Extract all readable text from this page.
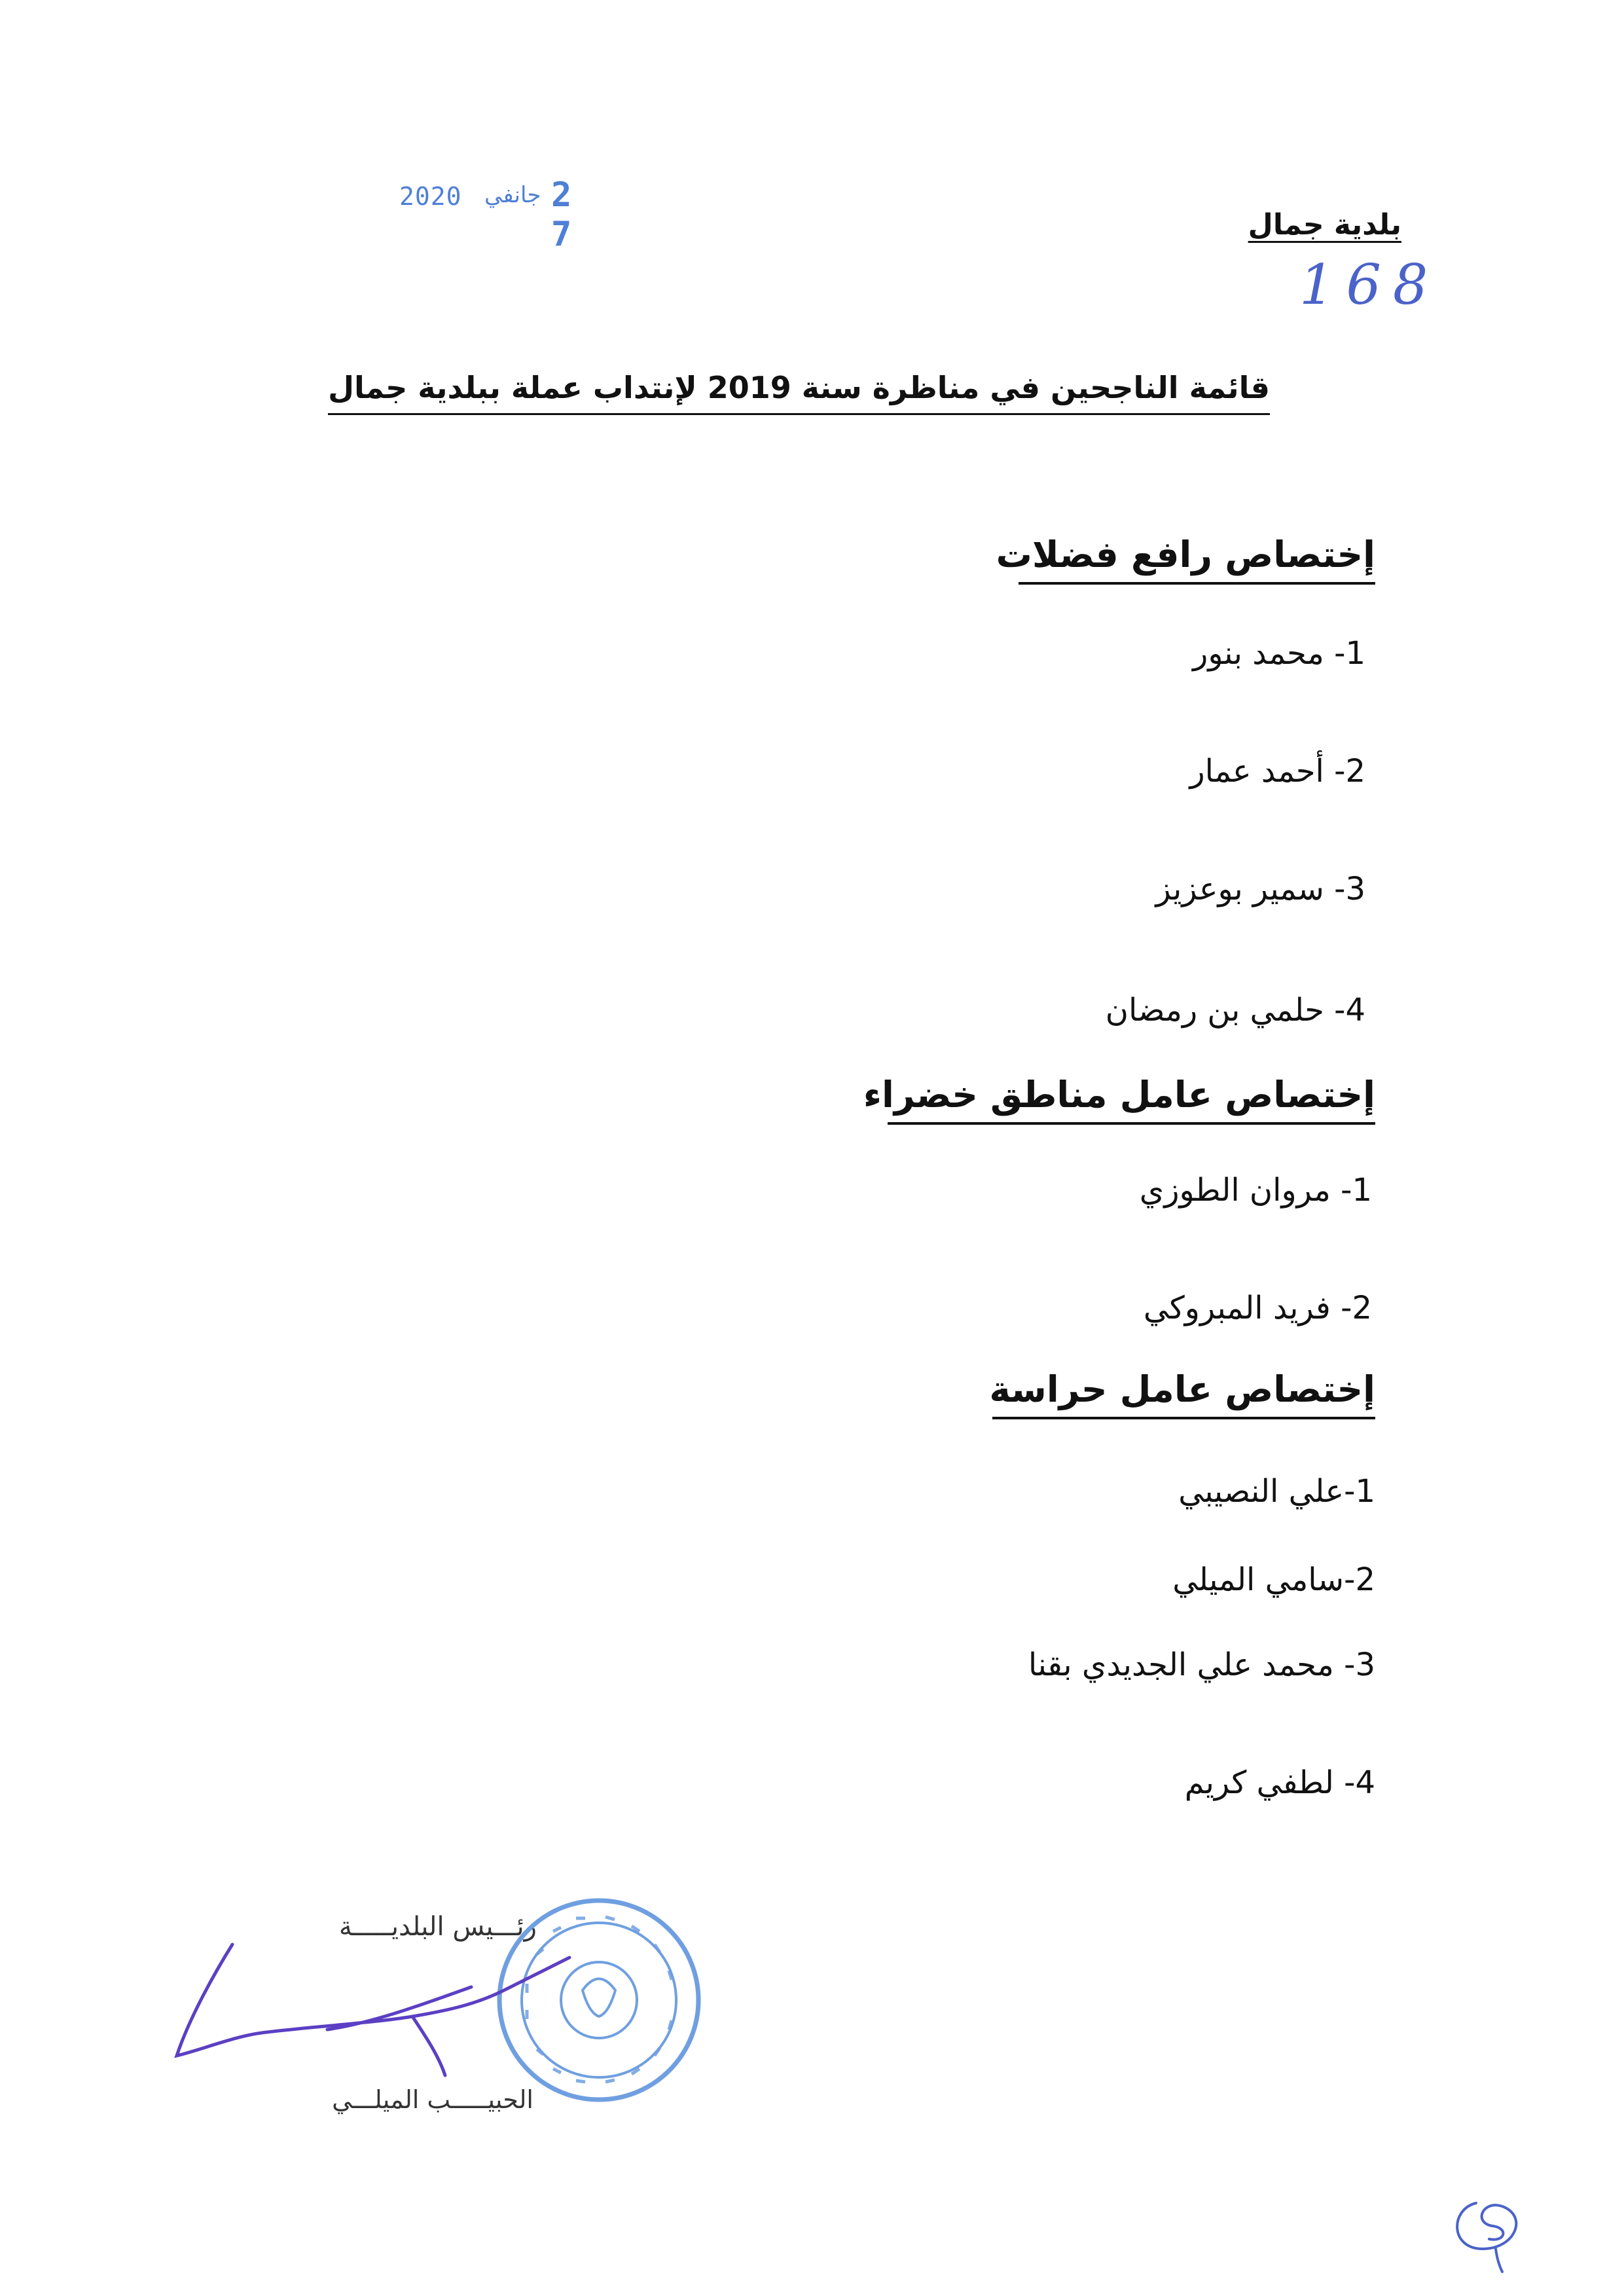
2020 جانفي 2 7	بلدية جمال
168
قائمة الناجحين في مناظرة سنة 2019 لإنتداب عملة ببلدية جمال
إختصاص رافع فضلات
1- محمد بنور
2- أحمد عمار
3- سمير بوعزيز
4- حلمي بن رمضان
إختصاص عامل مناطق خضراء
1- مروان الطوزي
2- فريد المبروكي
إختصاص عامل حراسة
1-علي النصيبي
2-سامي الميلي
3- محمد علي الجديدي بقنا
4- لطفي كريم
رئـــيس البلديـــــة
الحبيـــــب الميلـــي
